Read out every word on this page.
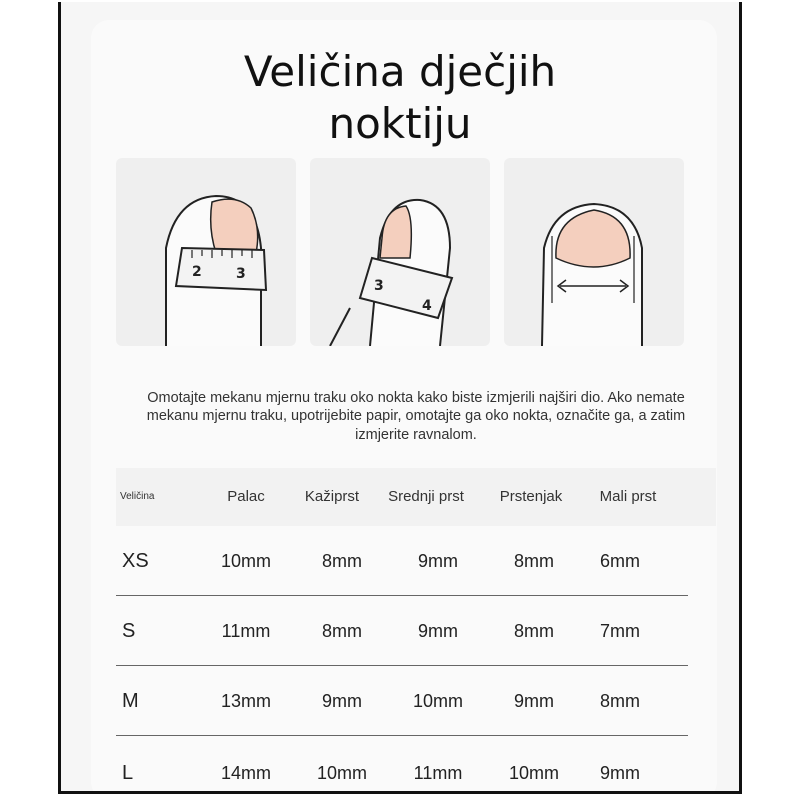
Veličina dječjih
noktiju
2 3
3
4

Omotajte mekanu mjernu traku oko nokta kako biste izmjerili najširi dio. Ako nemate mekanu mjernu traku, upotrijebite papir, omotajte ga oko nokta, označite ga, a zatim izmjerite ravnalom.

Veličina	Palac	Kažiprst	Srednji prst	Prstenjak	Mali prst
XS	10mm	8mm	9mm	8mm	6mm
S	11mm	8mm	9mm	8mm	7mm
M	13mm	9mm	10mm	9mm	8mm
L	14mm	10mm	11mm	10mm	9mm
